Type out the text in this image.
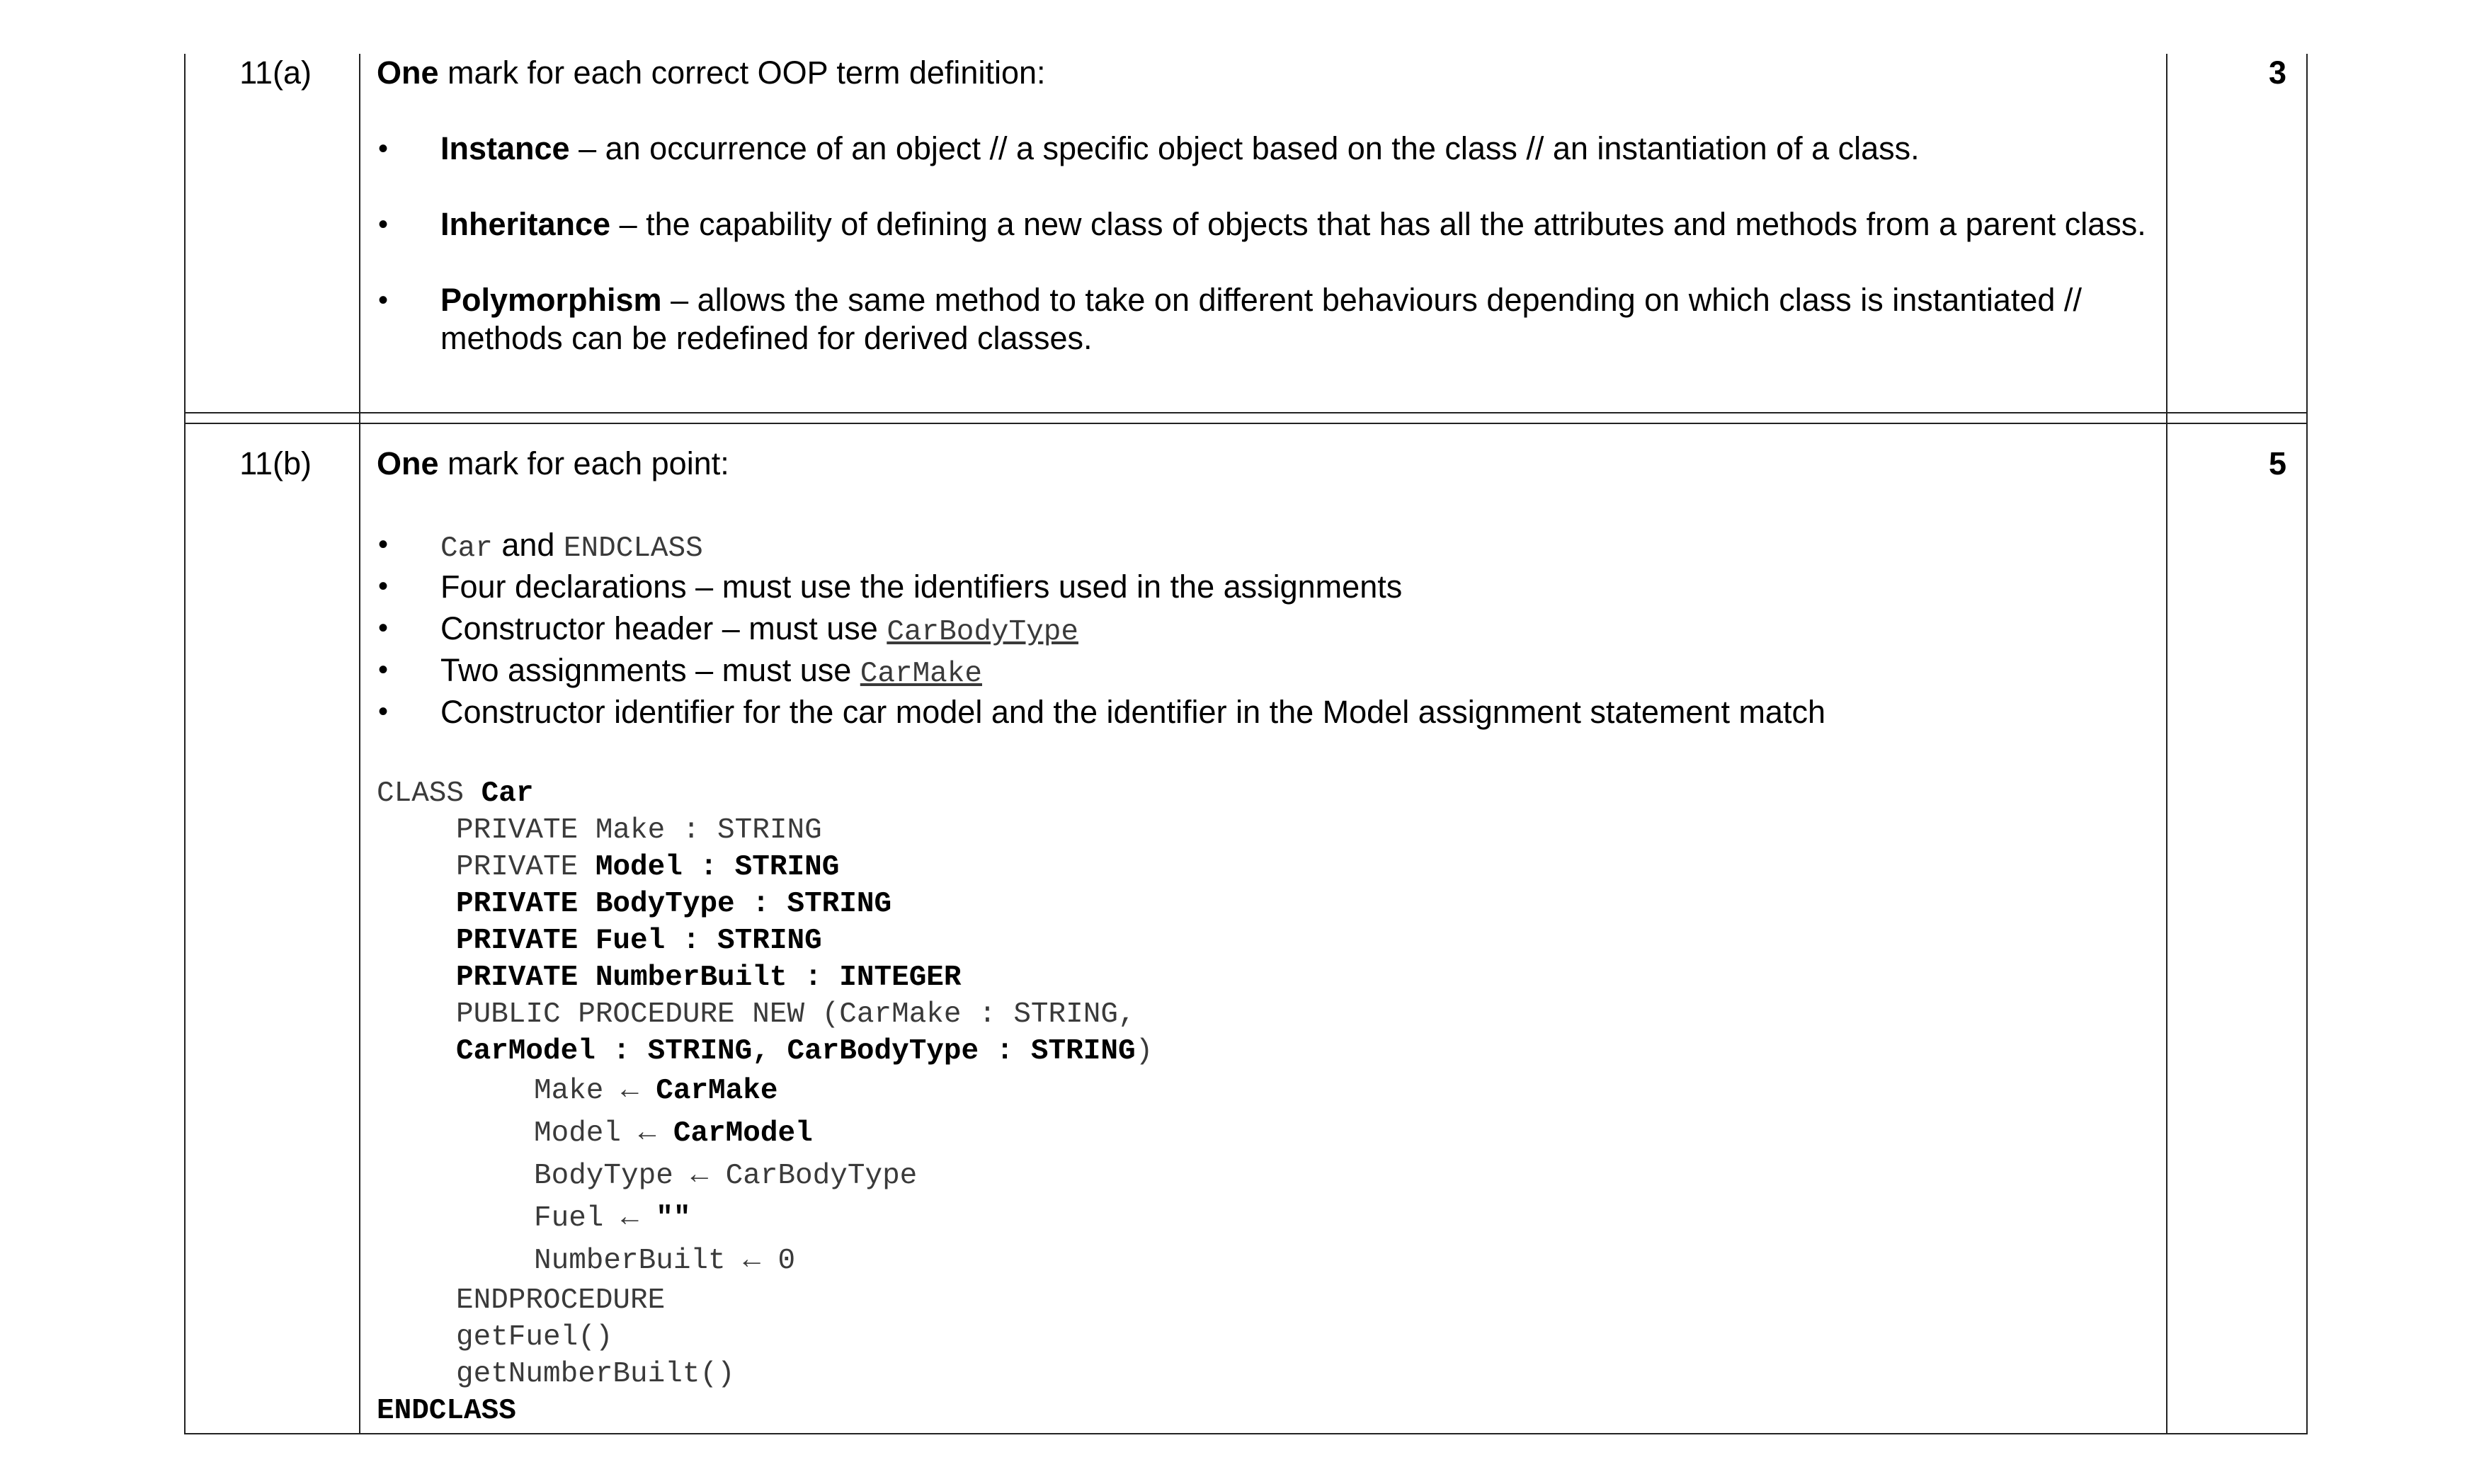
11(a)	3

One mark for each correct OOP term definition:

• Instance – an occurrence of an object // a specific object based on the class // an instantiation of a class.
• Inheritance – the capability of defining a new class of objects that has all the attributes and methods from a parent class.
• Polymorphism – allows the same method to take on different behaviours depending on which class is instantiated // methods can be redefined for derived classes.
11(b)	5

One mark for each point:

• Car and ENDCLASS
• Four declarations – must use the identifiers used in the assignments
• Constructor header – must use CarBodyType
• Two assignments – must use CarMake
• Constructor identifier for the car model and the identifier in the Model assignment statement match
CLASS Car
PRIVATE Make : STRING
PRIVATE Model : STRING
PRIVATE BodyType : STRING
PRIVATE Fuel : STRING
PRIVATE NumberBuilt : INTEGER
PUBLIC PROCEDURE NEW (CarMake : STRING,
CarModel : STRING, CarBodyType : STRING)
Make ← CarMake
Model ← CarModel
BodyType ← CarBodyType
Fuel ← ""
NumberBuilt ← 0
ENDPROCEDURE
getFuel()
getNumberBuilt()
ENDCLASS
